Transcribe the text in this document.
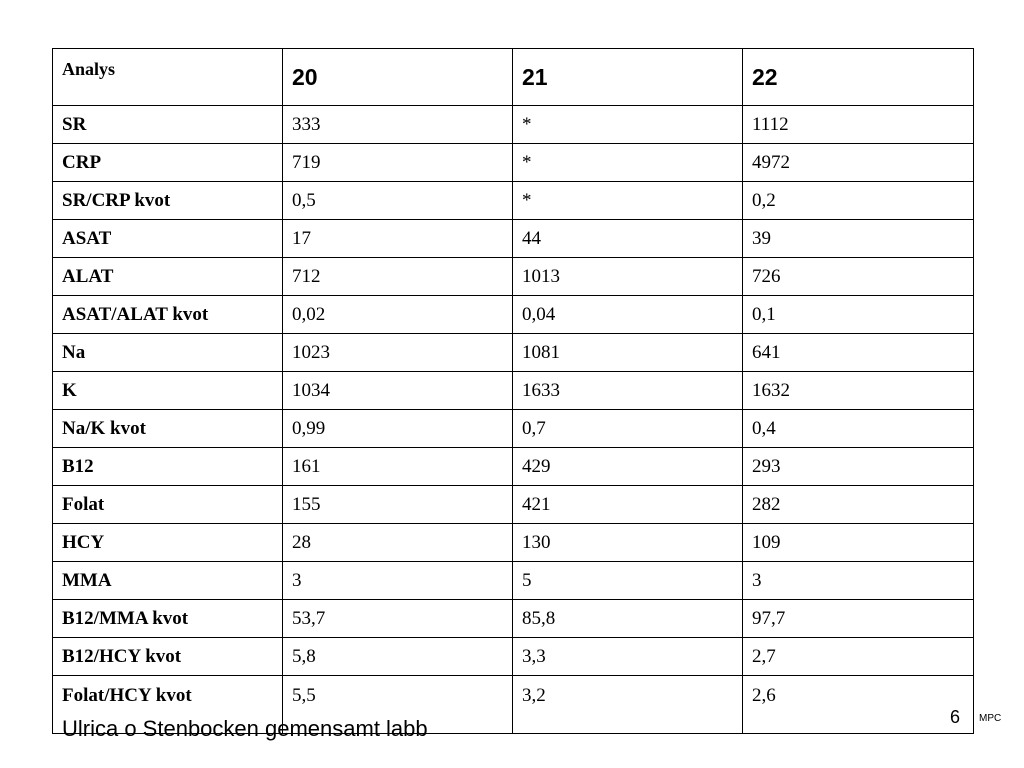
Analys	20	21	22
SR	333	*	1112
CRP	719	*	4972
SR/CRP kvot	0,5	*	0,2
ASAT	17	44	39
ALAT	712	1013	726
ASAT/ALAT kvot	0,02	0,04	0,1
Na	1023	1081	641
K	1034	1633	1632
Na/K kvot	0,99	0,7	0,4
B12	161	429	293
Folat	155	421	282
HCY	28	130	109
MMA	3	5	3
B12/MMA kvot	53,7	85,8	97,7
B12/HCY kvot	5,8	3,3	2,7
Folat/HCY kvot	5,5	3,2	2,6
Ulrica o Stenbocken gemensamt labb	6 MPC
